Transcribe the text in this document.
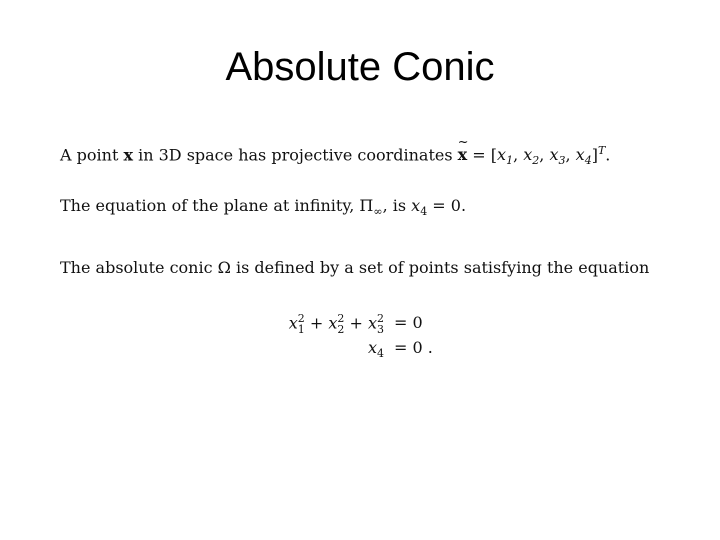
Absolute Conic
A point x in 3D space has projective coordinates
~
$x = [x_1$, $x_2$, $x_3$, $x_4]^T$.
The equation of the plane at infinity, $\Pi_\infty$, is $x_4 = 0$.
The absolute conic Ω is defined by a set of points satisfying the equation
$x^2_1 + x^2_2 + x^2_3 = 0$
$x_4 = 0$ .
